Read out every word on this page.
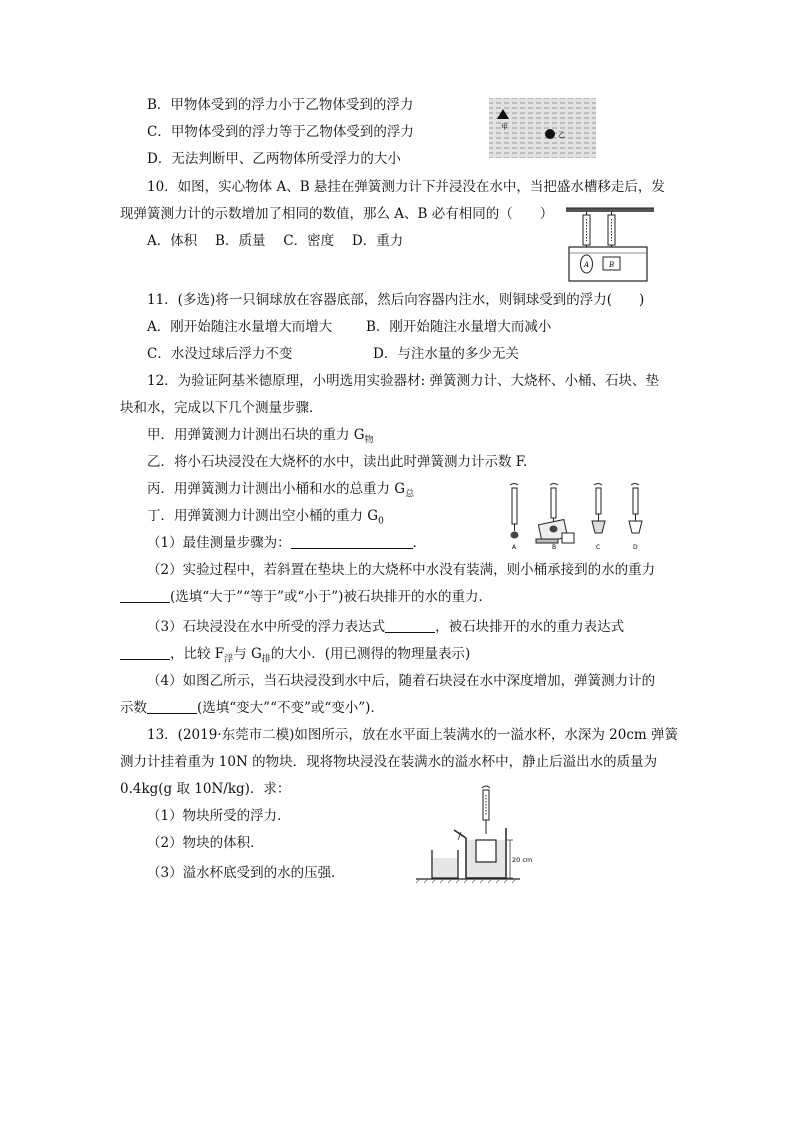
B．甲物体受到的浮力小于乙物体受到的浮力
C．甲物体受到的浮力等于乙物体受到的浮力
D．无法判断甲、乙两物体所受浮力的大小
甲
乙
10．如图，实心物体 A、B 悬挂在弹簧测力计下并浸没在水中，当把盛水槽移走后，发
现弹簧测力计的示数增加了相同的数值，那么 A、B 必有相同的（　　）
A．体积　 B．质量　 C．密度　 D．重力
A	B
11．(多选)将一只铜球放在容器底部，然后向容器内注水，则铜球受到的浮力(　　)
A．刚开始随注水量增大而增大	B．刚开始随注水量增大而减小
C．水没过球后浮力不变	D．与注水量的多少无关
12．为验证阿基米德原理，小明选用实验器材: 弹簧测力计、大烧杯、小桶、石块、垫
块和水，完成以下几个测量步骤．
甲．用弹簧测力计测出石块的重力 $G_物$
乙．将小石块浸没在大烧杯的水中，读出此时弹簧测力计示数 F.
丙．用弹簧测力计测出小桶和水的总重力 $G_总$
丁．用弹簧测力计测出空小桶的重力 $G_0$
（1）最佳测量步骤为：	．
（2）实验过程中，若斜置在垫块上的大烧杯中水没有装满，则小桶承接到的水的重力
(选填“大于”“等于”或“小于”)被石块排开的水的重力．
（3）石块浸没在水中所受的浮力表达式	，被石块排开的水的重力表达式
，比较 $F_浮$与 $G_排$的大小．(用已测得的物理量表示)
（4）如图乙所示，当石块浸没到水中后，随着石块浸在水中深度增加，弹簧测力计的
示数	(选填“变大”“不变”或“变小”)．
A	B	C	D
13．(2019·东莞市二模)如图所示，放在水平面上装满水的一溢水杯，水深为 20cm 弹簧
测力计挂着重为 10N 的物块．现将物块浸没在装满水的溢水杯中，静止后溢出水的质量为
0.4kg(g 取 10N/kg)．求：
（1）物块所受的浮力．
（2）物块的体积．
（3）溢水杯底受到的水的压强．
20 cm
